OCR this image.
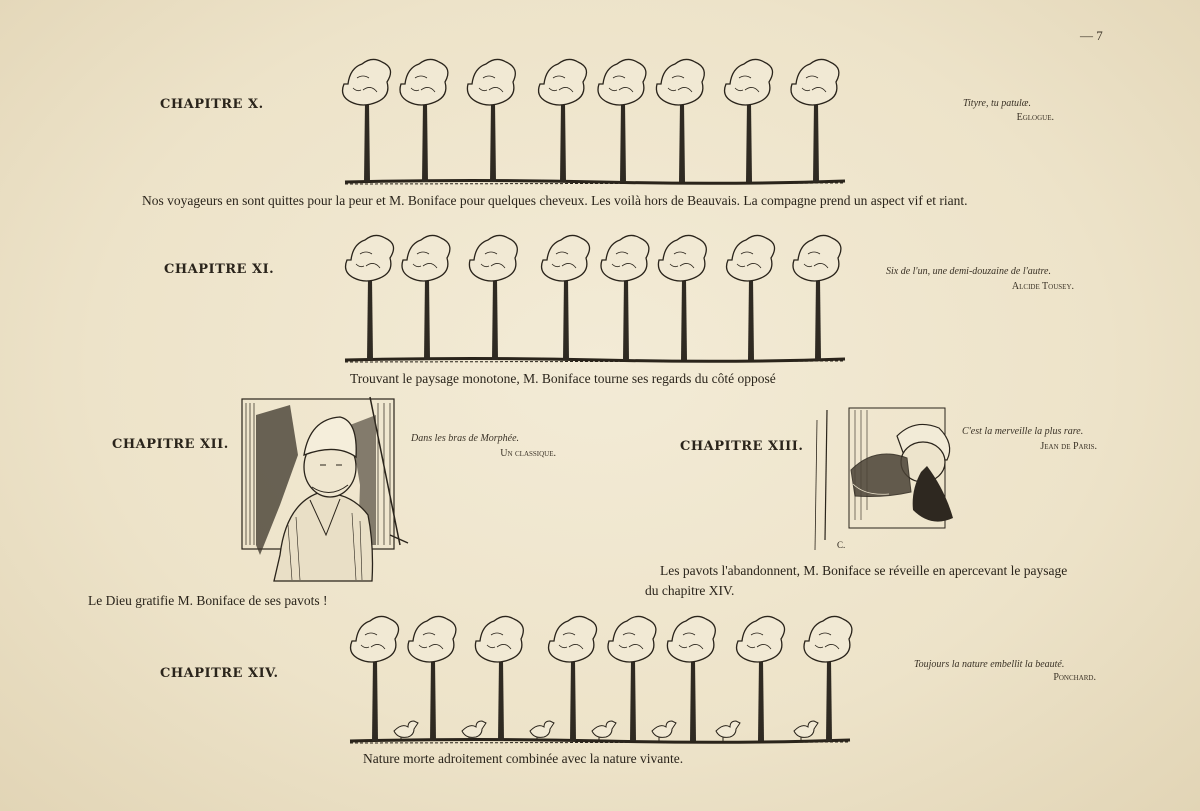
— 7
CHAPITRE X.	Tityre, tu patulæ.
Eglogue.
Nos voyageurs en sont quittes pour la peur et M. Boniface pour quelques cheveux. Les voilà hors de Beauvais. La compagne prend un aspect vif et riant.
CHAPITRE XI.	Six de l'un, une demi-douzaine de l'autre.
Alcide Tousey.
Trouvant le paysage monotone, M. Boniface tourne ses regards du côté opposé
CHAPITRE XII.	Dans les bras de Morphée.
Un classique.
Le Dieu gratifie M. Boniface de ses pavots !
CHAPITRE XIII.
C'est la merveille la plus rare.
Jean de Paris.
C.
Les pavots l'abandonnent, M. Boniface se réveille en apercevant le paysage
du chapitre XIV.
CHAPITRE XIV.
Toujours la nature embellit la beauté.
Ponchard.
Nature morte adroitement combinée avec la nature vivante.
